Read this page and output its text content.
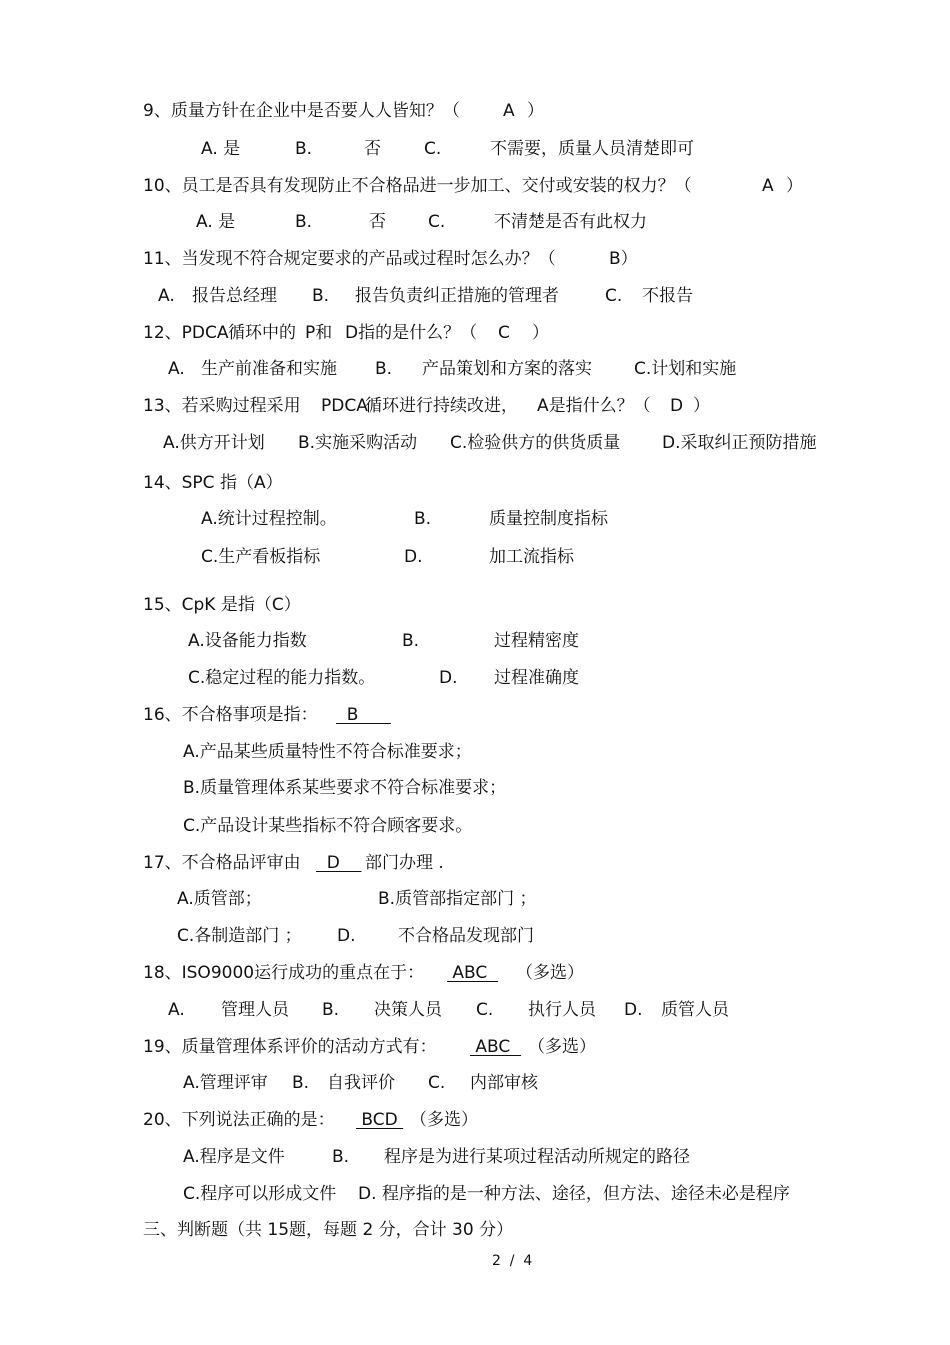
9、质量方针在企业中是否要人人皆知？（	A ）
A. 是	B.	否	C.	不需要，质量人员清楚即可
10、员工是否具有发现防止不合格品进一步加工、交付或安装的权力？（	A ）
A. 是	B.	否 C.	不清楚是否有此权力
11、当发现不符合规定要求的产品或过程时怎么办？（	B）
A. 报告总经理 B. 报告负责纠正措施的管理者	C. 不报告
12、PDCA 循环中的 P和 D指的是什么？（ C ）
A. 生产前准备和实施 B. 产品策划和方案的落实 C.计划和实施
13、若采购过程采用 PDCA
循环进行持续改进， A是指什么？（ D ）
A.供方开计划 B.实施采购活动 C.检验供方的供货质量 D.采取纠正预防措施
14、SPC 指（A）
A.统计过程控制。	B.	质量控制度指标
C.生产看板指标	D.	加工流指标
15、CpK 是指（C）
A.设备能力指数	B.	过程精密度
C.稳定过程的能力指数。	D. 过程准确度
16、不合格事项是指： B
A.产品某些质量特性不符合标准要求；
B.质量管理体系某些要求不符合标准要求；
C.产品设计某些指标不符合顾客要求。
17、不合格品评审由 D 部门办理 .
A.质管部；	B.质管部指定部门 ；
C.各制造部门 ； D.	不合格品发现部门
18、ISO9000运行成功的重点在于： ABC （多选）
A. 管理人员 B. 决策人员 C. 执行人员 D. 质管人员
19、质量管理体系评价的活动方式有： ABC （多选）
A.管理评审 B. 自我评价 C. 内部审核
20、下列说法正确的是： BCD （多选）
A.程序是文件	B. 程序是为进行某项过程活动所规定的路径
C.程序可以形成文件 D. 程序指的是一种方法、途径，但方法、途径未必是程序
三、判断题（共 15题，每题 2 分，合计 30 分）
2  /  4
